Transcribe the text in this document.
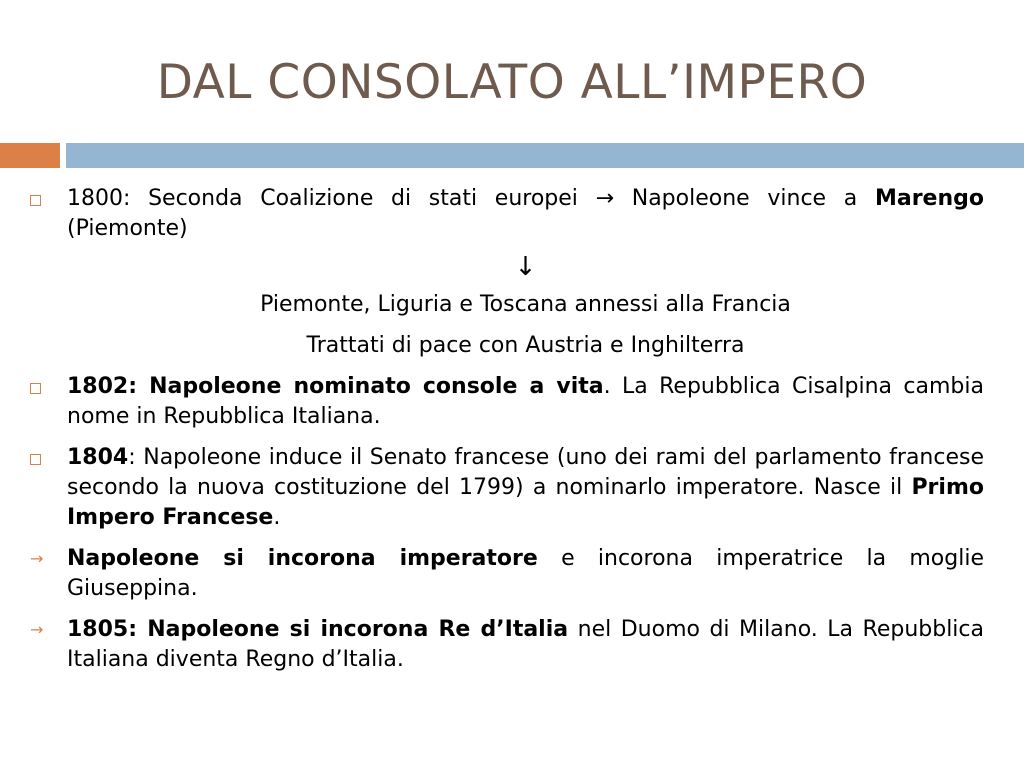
DAL CONSOLATO ALL’IMPERO
1800: Seconda Coalizione di stati europei → Napoleone vince a Marengo (Piemonte)
↓
Piemonte, Liguria e Toscana annessi alla Francia
Trattati di pace con Austria e Inghilterra
1802: Napoleone nominato console a vita. La Repubblica Cisalpina cambia nome in Repubblica Italiana.
1804: Napoleone induce il Senato francese (uno dei rami del parlamento francese secondo la nuova costituzione del 1799) a nominarlo imperatore. Nasce il Primo Impero Francese.
→	Napoleone si incorona imperatore e incorona imperatrice la moglie Giuseppina.
→	1805: Napoleone si incorona Re d’Italia nel Duomo di Milano. La Repubblica Italiana diventa Regno d’Italia.
